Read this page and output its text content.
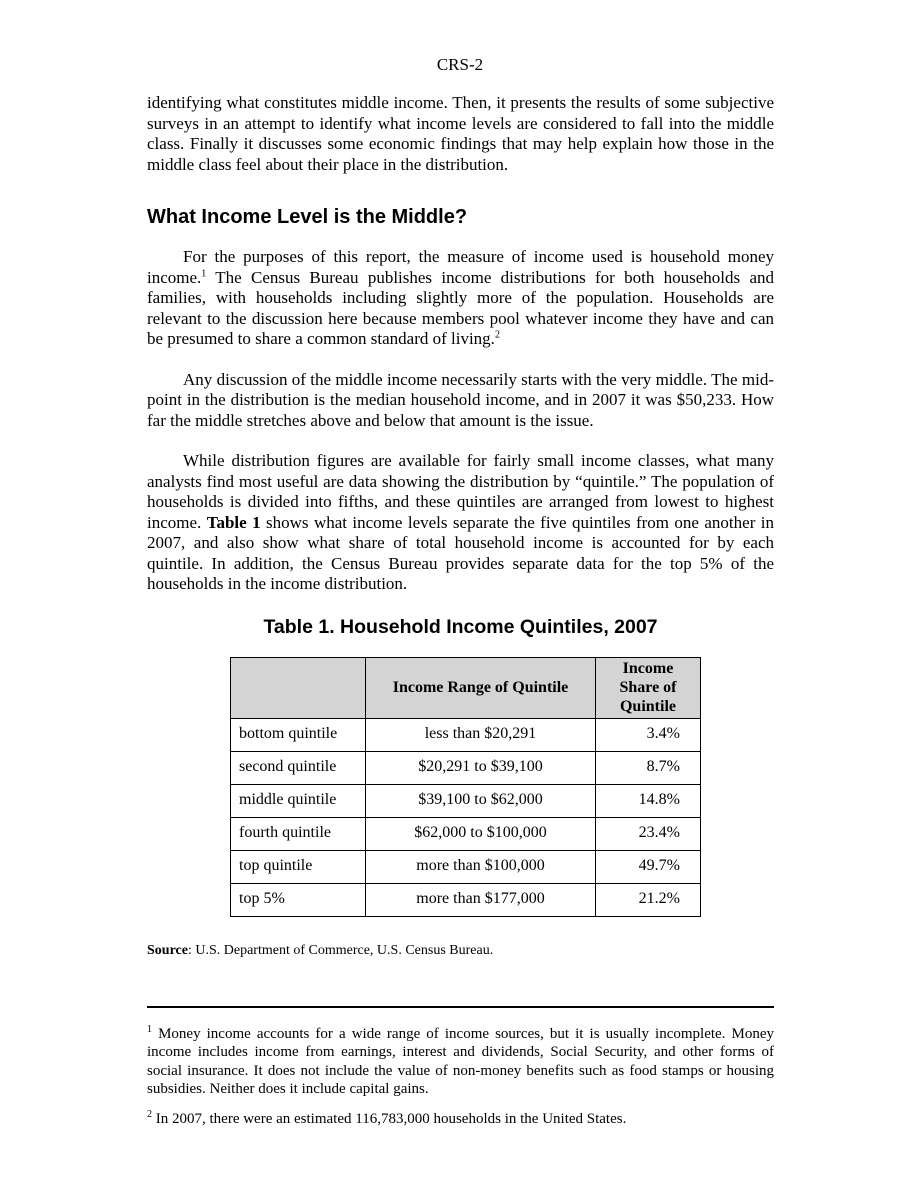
CRS-2

identifying what constitutes middle income. Then, it presents the results of some subjective surveys in an attempt to identify what income levels are considered to fall into the middle class. Finally it discusses some economic findings that may help explain how those in the middle class feel about their place in the distribution.

What Income Level is the Middle?

For the purposes of this report, the measure of income used is household money income.$^1$ The Census Bureau publishes income distributions for both households and families, with households including slightly more of the population. Households are relevant to the discussion here because members pool whatever income they have and can be presumed to share a common standard of living.$^2$

Any discussion of the middle income necessarily starts with the very middle. The mid-point in the distribution is the median household income, and in 2007 it was $50,233. How far the middle stretches above and below that amount is the issue.

While distribution figures are available for fairly small income classes, what many analysts find most useful are data showing the distribution by “quintile.” The population of households is divided into fifths, and these quintiles are arranged from lowest to highest income. Table 1 shows what income levels separate the five quintiles from one another in 2007, and also show what share of total household income is accounted for by each quintile. In addition, the Census Bureau provides separate data for the top 5% of the households in the income distribution.

Table 1. Household Income Quintiles, 2007
	Income Range of Quintile	Income Share of Quintile
bottom quintile	less than $20,291	3.4%
second quintile	$20,291 to $39,100	8.7%
middle quintile	$39,100 to $62,000	14.8%
fourth quintile	$62,000 to $100,000	23.4%
top quintile	more than $100,000	49.7%
top 5%	more than $177,000	21.2%

Source: U.S. Department of Commerce, U.S. Census Bureau.

$^1$ Money income accounts for a wide range of income sources, but it is usually incomplete. Money income includes income from earnings, interest and dividends, Social Security, and other forms of social insurance. It does not include the value of non-money benefits such as food stamps or housing subsidies. Neither does it include capital gains.

$^2$ In 2007, there were an estimated 116,783,000 households in the United States.
